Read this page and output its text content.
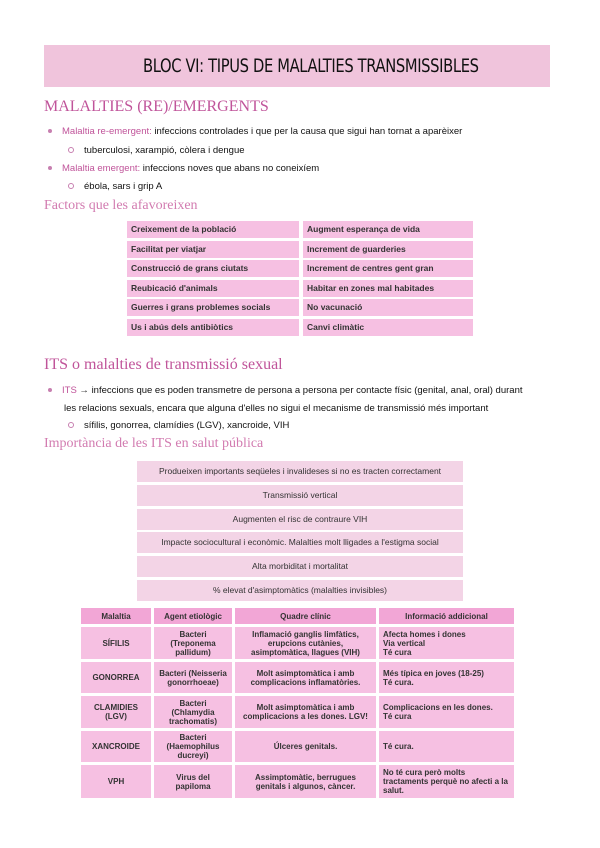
BLOC VI: TIPUS DE MALALTIES TRANSMISSIBLES
MALALTIES (RE)/EMERGENTS
Malaltia re-emergent: infeccions controlades i que per la causa que sigui han tornat a aparèixer
tuberculosi, xarampió, còlera i dengue
Malaltia emergent: infeccions noves que abans no coneixíem
ébola, sars i grip A
Factors que les afavoreixen
Creixement de la població	Augment esperança de vida
Facilitat per viatjar	Increment de guarderies
Construcció de grans ciutats	Increment de centres gent gran
Reubicació d'animals	Habitar en zones mal habitades
Guerres i grans problemes socials	No vacunació
Us i abús dels antibiòtics	Canvi climàtic
ITS o malalties de transmissió sexual
ITS → infeccions que es poden transmetre de persona a persona per contacte físic (genital, anal, oral) durant
les relacions sexuals, encara que alguna d'elles no sigui el mecanisme de transmissió més important
sífilis, gonorrea, clamídies (LGV), xancroide, VIH
Importància de les ITS en salut pública
Produeixen importants seqüeles i invalideses si no es tracten correctament
Transmissió vertical
Augmenten el risc de contraure VIH
Impacte sociocultural i econòmic. Malalties molt lligades a l'estigma social
Alta morbiditat i mortalitat
% elevat d'asimptomàtics (malalties invisibles)
Malaltia	Agent etiològic	Quadre clínic	Informació addicional
SÍFILIS	Bacteri
(Treponema
pallidum)	Inflamació ganglis limfàtics,
erupcions cutànies,
asimptomàtica, llagues (VIH)	Afecta homes i dones
Via vertical
Té cura
GONORREA	Bacteri (Neisseria
gonorrhoeae)	Molt asimptomàtica i amb
complicacions inflamatòries.	Més típica en joves (18-25)
Té cura.
CLAMIDIES
(LGV)	Bacteri
(Chlamydia
trachomatis)	Molt asimptomàtica i amb
complicacions a les dones. LGV!	Complicacions en les dones.
Té cura
XANCROIDE	Bacteri
(Haemophilus
ducreyi)	Úlceres genitals.	Té cura.
VPH	Virus del
papiloma	Assimptomàtic, berrugues
genitals i algunos, càncer.	No té cura però molts
tractaments perquè no afecti a la
salut.
